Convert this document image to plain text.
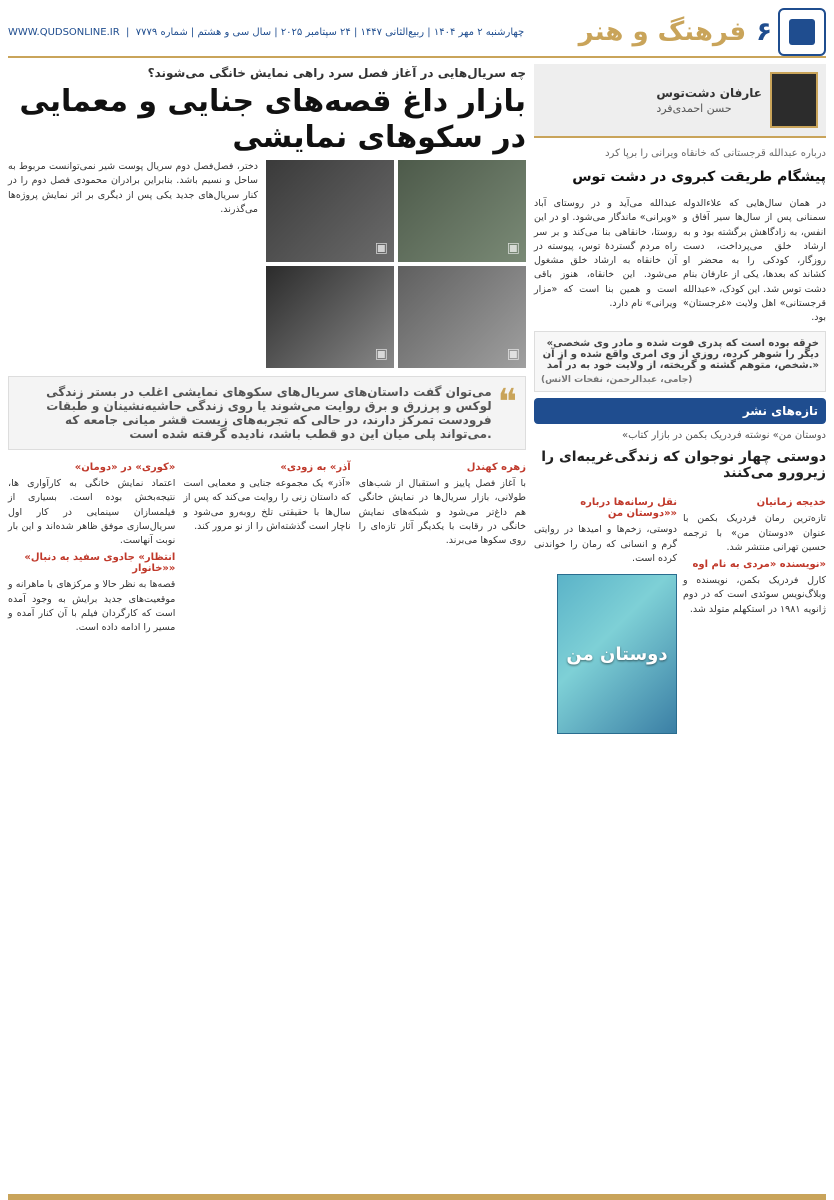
۶
فرهنگ و هنر
WWW.QUDSONLINE.IR  |  چهارشنبه ۲ مهر ۱۴۰۴ | ربیع‌الثانی ۱۴۴۷ | ۲۴ سپتامبر ۲۰۲۵ | سال سی و هشتم | شماره ۷۷۷۹
عارفان دشت‌توس
حسن احمدی‌فرد
درباره عبدالله قرجستانی که خانقاه ویرانی را برپا کرد
پیشگام طریقت کبروی در دشت توس
در همان سال‌هایی که علاءالدوله سمنانی پس از سال‌ها سیر آفاق و انفس، به زادگاهش برگشته بود و به ارشاد خلق می‌پرداخت، دست روزگار، کودکی را به محضر او کشاند که بعدها، یکی از عارفان بنام دشت توس شد. این کودک، «عبدالله قرجستانی» اهل ولایت «غرجستان» بود.
عبدالله می‌آید و در روستای آباد «ویرانی» ماندگار می‌شود. او در این روستا، خانقاهی بنا می‌کند و بر سر راه مردم گستردهٔ توس، پیوسته در آن خانقاه به ارشاد خلق مشغول می‌شود. این خانقاه، هنوز باقی است و همین بنا است که «مزار ویرانی» نام دارد.
«خرقه بوده است که پدری فوت شده و مادر وی شخصی دیگر را شوهر کرده، روزی از وی امری واقع شده و از آن شخص، متوهم گشته و گریخته، از ولایت خود به در آمد.»
(جامی، عبدالرحمن، نفحات الانس)
تازه‌های نشر
«دوستان من» نوشته فردریک بکمن در بازار کتاب
دوستی چهار نوجوان که زندگی‌غریبه‌ای را زیرورو می‌کنند
خدیجه زمانیان
تازه‌ترین رمان فردریک بکمن با عنوان «دوستان من» با ترجمه حسین تهرانی منتشر شد.
نویسنده «مردی به نام اوه»
کارل فردریک بکمن، نویسنده و وبلاگ‌نویس سوئدی است که در دوم ژانویه ۱۹۸۱ در استکهلم متولد شد.
نقل رسانه‌ها درباره «دوستان من»
دوستی، زخم‌ها و امیدها در روایتی گرم و انسانی که رمان را خواندنی کرده است.
دوستان من
چه سریال‌هایی در آغاز فصل سرد راهی نمایش خانگی می‌شوند؟
بازار داغ قصه‌های جنایی و معمایی در سکوهای نمایشی
▣	▣
▣	▣
دختر، فصل‌فصل دوم سریال پوست شیر نمی‌توانست مربوط به ساحل و نسیم باشد. بنابراین برادران محمودی فصل دوم را در کنار سریال‌های جدید یکی پس از دیگری بر اثر نمایش پروژه‌ها می‌گذرند.
❝
می‌توان گفت داستان‌های سریال‌های سکوهای نمایشی اغلب در بستر زندگی لوکس و پرزرق و برق روایت می‌شوند یا روی زندگی حاشیه‌نشینان و طبقات فرودست تمرکز دارند، در حالی که تجربه‌های زیست قشر میانی جامعه که می‌تواند پلی میان این دو قطب باشد، نادیده گرفته شده است.
زهره کهندل
با آغاز فصل پاییز و استقبال از شب‌های طولانی، بازار سریال‌ها در نمایش خانگی هم داغ‌تر می‌شود و شبکه‌های نمایش خانگی در رقابت با یکدیگر آثار تازه‌ای را روی سکوها می‌برند.
«آذر» به زودی
«آذر» یک مجموعه جنایی و معمایی است که داستان زنی را روایت می‌کند که پس از سال‌ها با حقیقتی تلخ روبه‌رو می‌شود و ناچار است گذشته‌اش را از نو مرور کند.
«کوری» در «دومان»
اعتماد نمایش خانگی به کارآواری ها، نتیجه‌بخش بوده است. بسیاری از فیلمسازان سینمایی در کار اول سریال‌سازی موفق ظاهر شده‌اند و این بار نوبت آنهاست.
«انتظار» جادوی سفید به دنبال «خانوار»
قصه‌ها به نظر حالا و مرکزهای با ماهرانه و موقعیت‌های جدید برایش به وجود آمده است که کارگردان فیلم با آن کنار آمده و مسیر را ادامه داده است.
